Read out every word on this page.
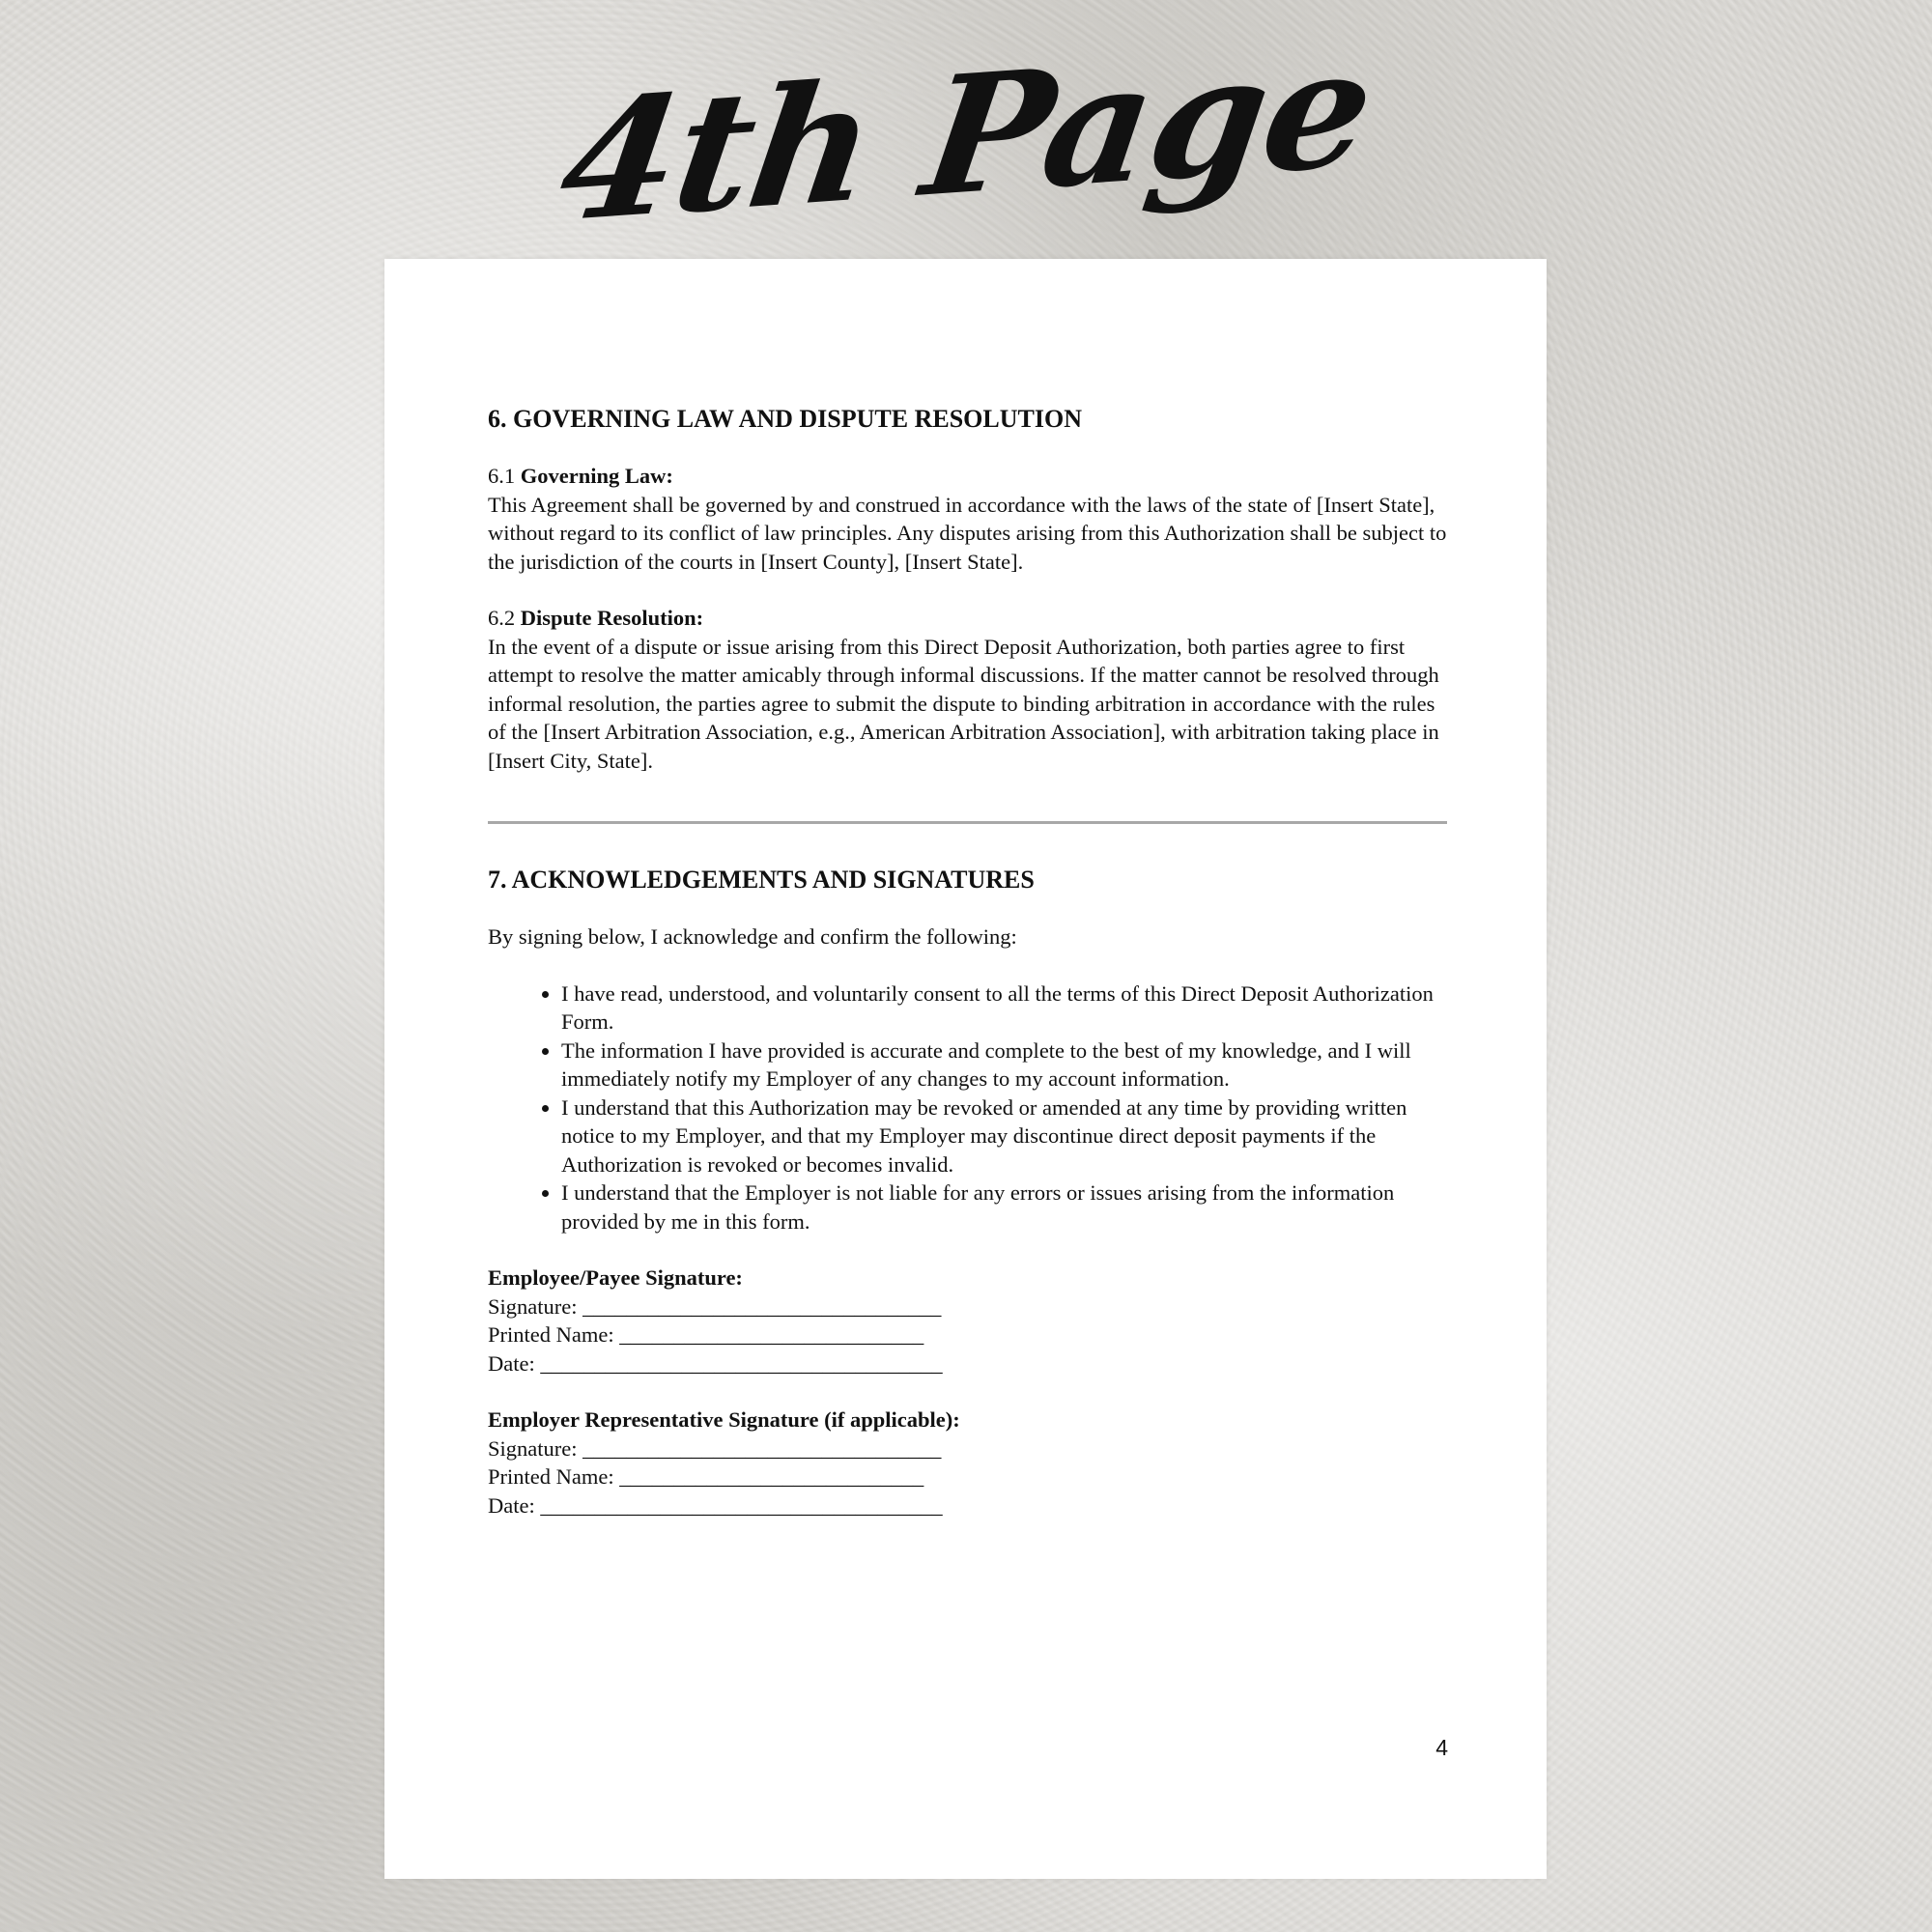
4th Page
6. GOVERNING LAW AND DISPUTE RESOLUTION

6.1 Governing Law:

This Agreement shall be governed by and construed in accordance with the laws of the state of [Insert State], without regard to its conflict of law principles. Any disputes arising from this Authorization shall be subject to the jurisdiction of the courts in [Insert County], [Insert State].

6.2 Dispute Resolution:

In the event of a dispute or issue arising from this Direct Deposit Authorization, both parties agree to first attempt to resolve the matter amicably through informal discussions. If the matter cannot be resolved through informal resolution, the parties agree to submit the dispute to binding arbitration in accordance with the rules of the [Insert Arbitration Association, e.g., American Arbitration Association], with arbitration taking place in [Insert City, State].

7. ACKNOWLEDGEMENTS AND SIGNATURES

By signing below, I acknowledge and confirm the following:

• I have read, understood, and voluntarily consent to all the terms of this Direct Deposit Authorization Form.
• The information I have provided is accurate and complete to the best of my knowledge, and I will immediately notify my Employer of any changes to my account information.
• I understand that this Authorization may be revoked or amended at any time by providing written notice to my Employer, and that my Employer may discontinue direct deposit payments if the Authorization is revoked or becomes invalid.
• I understand that the Employer is not liable for any errors or issues arising from the information provided by me in this form.

Employee/Payee Signature:

Signature: _________________________________

Printed Name: ____________________________

Date: _____________________________________

Employer Representative Signature (if applicable):

Signature: _________________________________

Printed Name: ____________________________

Date: _____________________________________

4
